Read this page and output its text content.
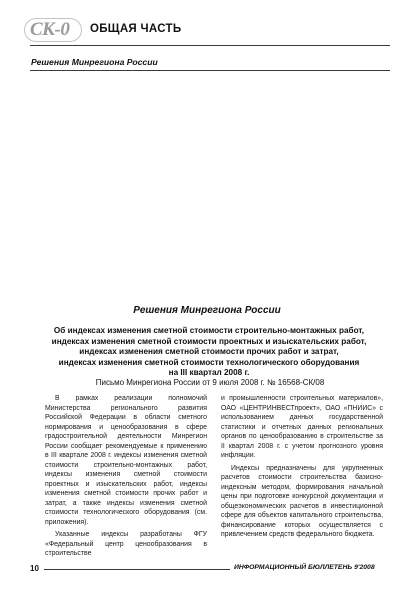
СК-0	ОБЩАЯ ЧАСТЬ
Решения Минрегиона России
Решения Минрегиона России
Об индексах изменения сметной стоимости строительно-монтажных работ,
индексах изменения сметной стоимости проектных и изыскательских работ,
индексах изменения сметной стоимости прочих работ и затрат,
индексах изменения сметной стоимости технологического оборудования
на III квартал 2008 г.
Письмо Минрегиона России от 9 июля 2008 г. № 16568-СК/08

В рамках реализации полномочий Министерства регионального развития Российской Федерации в области сметного нормирования и ценообразования в сфере градостроительной деятельности Минрегион России сообщает рекомендуемые к применению в III квартале 2008 г. индексы изменения сметной стоимости строительно-монтажных работ, индексы изменения сметной стоимости проектных и изыскательских работ, индексы изменения сметной стоимости прочих работ и затрат, а также индексы изменения сметной стоимости технологического оборудования (см. приложения).

Указанные индексы разработаны ФГУ «Федеральный центр ценообразования в строительстве

и промышленности строительных материалов», ОАО «ЦЕНТРИНВЕСТпроект», ОАО «ПНИИС» с использованием данных государственной статистики и отчетных данных региональных органов по ценообразованию в строительстве за II квартал 2008 г. с учетом прогнозного уровня инфляции.

Индексы предназначены для укрупненных расчетов стоимости строительства базисно-индексным методом, формирования начальной цены при подготовке конкурсной документации и общеэкономических расчетов в инвестиционной сфере для объектов капитального строительства, финансирование которых осуществляется с привлечением средств федерального бюджета.

10	ИНФОРМАЦИОННЫЙ БЮЛЛЕТЕНЬ 9'2008
